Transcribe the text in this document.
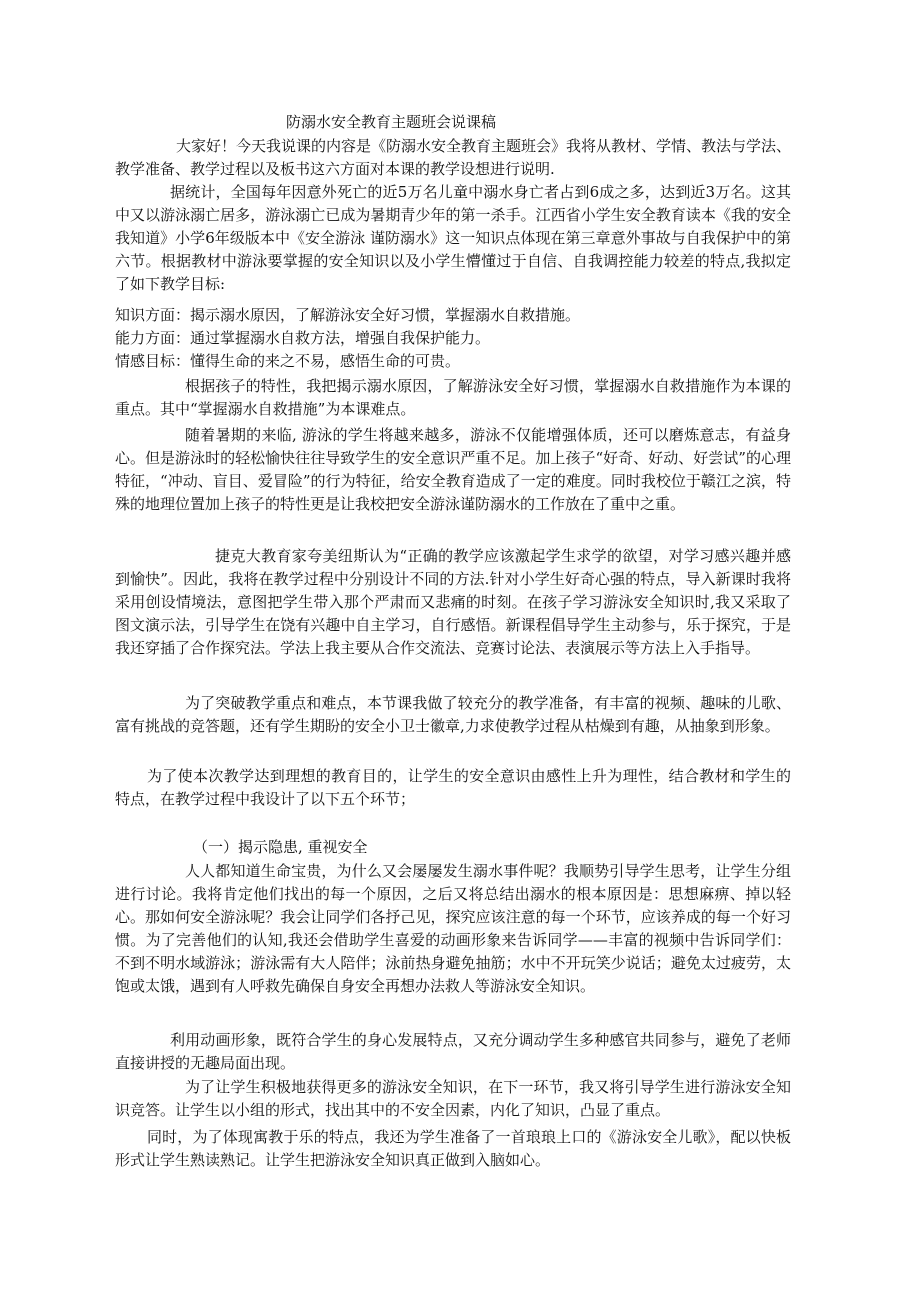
防溺水安全教育主题班会说课稿

大家好！今天我说课的内容是《防溺水安全教育主题班会》我将从教材、学情、教法与学法、教学准备、教学过程以及板书这六方面对本课的教学设想进行说明.

据统计，全国每年因意外死亡的近5万名儿童中溺水身亡者占到6成之多，达到近3万名。这其中又以游泳溺亡居多，游泳溺亡已成为暑期青少年的第一杀手。江西省小学生安全教育读本《我的安全我知道》小学6年级版本中《安全游泳 谨防溺水》这一知识点体现在第三章意外事故与自我保护中的第六节。根据教材中游泳要掌握的安全知识以及小学生懵懂过于自信、自我调控能力较差的特点,我拟定了如下教学目标:

知识方面：揭示溺水原因，了解游泳安全好习惯，掌握溺水自救措施。

能力方面：通过掌握溺水自救方法，增强自我保护能力。

情感目标：懂得生命的来之不易，感悟生命的可贵。

根据孩子的特性，我把揭示溺水原因，了解游泳安全好习惯，掌握溺水自救措施作为本课的重点。其中“掌握溺水自救措施”为本课难点。

随着暑期的来临, 游泳的学生将越来越多，游泳不仅能增强体质，还可以磨炼意志，有益身心。但是游泳时的轻松愉快往往导致学生的安全意识严重不足。加上孩子“好奇、好动、好尝试”的心理特征，“冲动、盲目、爱冒险”的行为特征，给安全教育造成了一定的难度。同时我校位于赣江之滨，特殊的地理位置加上孩子的特性更是让我校把安全游泳谨防溺水的工作放在了重中之重。

捷克大教育家夸美纽斯认为“正确的教学应该激起学生求学的欲望，对学习感兴趣并感到愉快”。因此，我将在教学过程中分别设计不同的方法.针对小学生好奇心强的特点，导入新课时我将采用创设情境法，意图把学生带入那个严肃而又悲痛的时刻。在孩子学习游泳安全知识时,我又采取了图文演示法，引导学生在饶有兴趣中自主学习，自行感悟。新课程倡导学生主动参与，乐于探究，于是我还穿插了合作探究法。学法上我主要从合作交流法、竞赛讨论法、表演展示等方法上入手指导。

为了突破教学重点和难点，本节课我做了较充分的教学准备，有丰富的视频、趣味的儿歌、富有挑战的竞答题，还有学生期盼的安全小卫士徽章,力求使教学过程从枯燥到有趣，从抽象到形象。

为了使本次教学达到理想的教育目的，让学生的安全意识由感性上升为理性，结合教材和学生的特点，在教学过程中我设计了以下五个环节；

（一）揭示隐患, 重视安全

人人都知道生命宝贵，为什么又会屡屡发生溺水事件呢？我顺势引导学生思考，让学生分组进行讨论。我将肯定他们找出的每一个原因，之后又将总结出溺水的根本原因是：思想麻痹、掉以轻心。那如何安全游泳呢？我会让同学们各抒己见，探究应该注意的每一个环节，应该养成的每一个好习惯。为了完善他们的认知,我还会借助学生喜爱的动画形象来告诉同学——丰富的视频中告诉同学们：不到不明水域游泳；游泳需有大人陪伴；泳前热身避免抽筋；水中不开玩笑少说话；避免太过疲劳，太饱或太饿，遇到有人呼救先确保自身安全再想办法救人等游泳安全知识。

利用动画形象，既符合学生的身心发展特点，又充分调动学生多种感官共同参与，避免了老师直接讲授的无趣局面出现。

为了让学生积极地获得更多的游泳安全知识，在下一环节，我又将引导学生进行游泳安全知识竞答。让学生以小组的形式，找出其中的不安全因素，内化了知识，凸显了重点。

同时，为了体现寓教于乐的特点，我还为学生准备了一首琅琅上口的《游泳安全儿歌》，配以快板形式让学生熟读熟记。让学生把游泳安全知识真正做到入脑如心。
